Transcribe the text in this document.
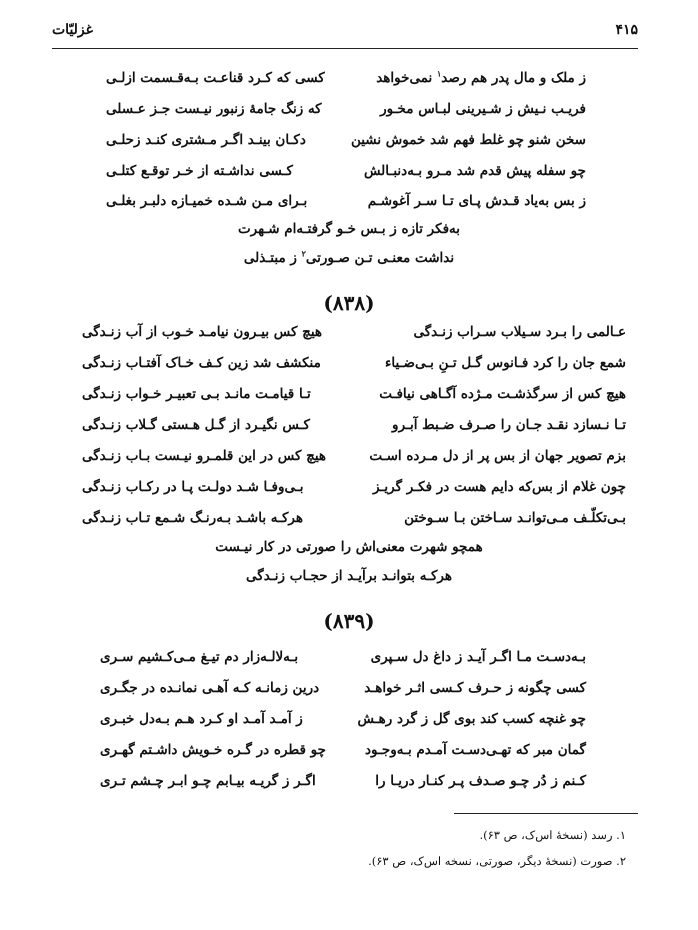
۴۱۵
غزليّات
ز ملک و مال پدر هم رصد$^۱$ نمی‌خواهد
کسی که کـرد قناعـت بـه‌قـسمت ازلـی
فریـب نـیش ز شـیرینی لبـاس مخـور
که زنگ جامهٔ زنبور نیـست جـز عـسلی
سخن شنو چو غلط فهم شد خموش نشین
دکـان بینـد اگـر مـشتری کنـد زحلـی
چو سفله پیش قدم شد مـرو بـه‌دنبـالش
کـسی نداشـته از خـر توقـع کتلـی
ز بس به‌یاد قـدش پـای تـا سـر آغوشـم
بـرای مـن شـده خمیـازه دلبـر بغلـی
به‌فکر تازه ز بـس خـو گرفتـه‌ام شـهرت
نداشت معنـی تـن صـورتی$^۲$ ز مبتـذلی
(۸۳۸)
عـالمی را بـرد سـیلاب سـراب زنـدگی
هیچ کس بیـرون نیامـد خـوب از آب زنـدگی
شمع جان را کرد فـانوس گـل تـنِ بـی‌ضـیاء
منکشف شد زین کـف خـاک آفتـاب زنـدگی
هیچ کس از سرگذشـت مـژده آگـاهی نیافـت
تـا قیامـت مانـد بـی تعبیـر خـواب زنـدگی
تـا نـسازد نقـد جـان را صـرف ضـبط آبـرو
کـس نگیـرد از گـل هـستی گـلاب زنـدگی
بزم تصویر جهان از بس پر از دل مـرده اسـت
هیچ کس در این قلمـرو نیـست بـاب زنـدگی
چون غلام از بس‌که دایم هست در فکـر گریـز
بـی‌وفـا شـد دولـت پـا در رکـاب زنـدگی
بـی‌تکلّـف مـی‌توانـد سـاختن بـا سـوختن
هرکـه باشـد بـه‌رنـگ شـمع تـاب زنـدگی
همچو شهرت معنی‌اش را صورتی در کار نیـست
هرکـه بتوانـد برآیـد از حجـاب زنـدگی
(۸۳۹)
بـه‌دسـت مـا اگـر آیـد ز داغ دل سـپری
بـه‌لالـه‌زار دم تیـغ مـی‌کـشیم سـری
کسی چگونه ز حـرف کـسی اثـر خواهـد
درین زمانـه کـه آهـی نمانـده در جگـری
چو غنچه کسب کند بوی گل ز گرد رهـش
ز آمـد آمـد او کـرد هـم بـه‌دل خبـری
گمان مبر که تهـی‌دسـت آمـدم بـه‌وجـود
چو قطره در گـره خـویش داشـتم گهـری
کـنم ز دُر چـو صـدف پـر کنـار دریـا را
اگـر ز گریـه بیـابم چـو ابـر چـشم تـری
۱. رسد (نسخهٔ اس‌ک، ص ۶۳).
۲. صورت (نسخهٔ دیگر، صورتی، نسخه اس‌ک، ص ۶۳).
